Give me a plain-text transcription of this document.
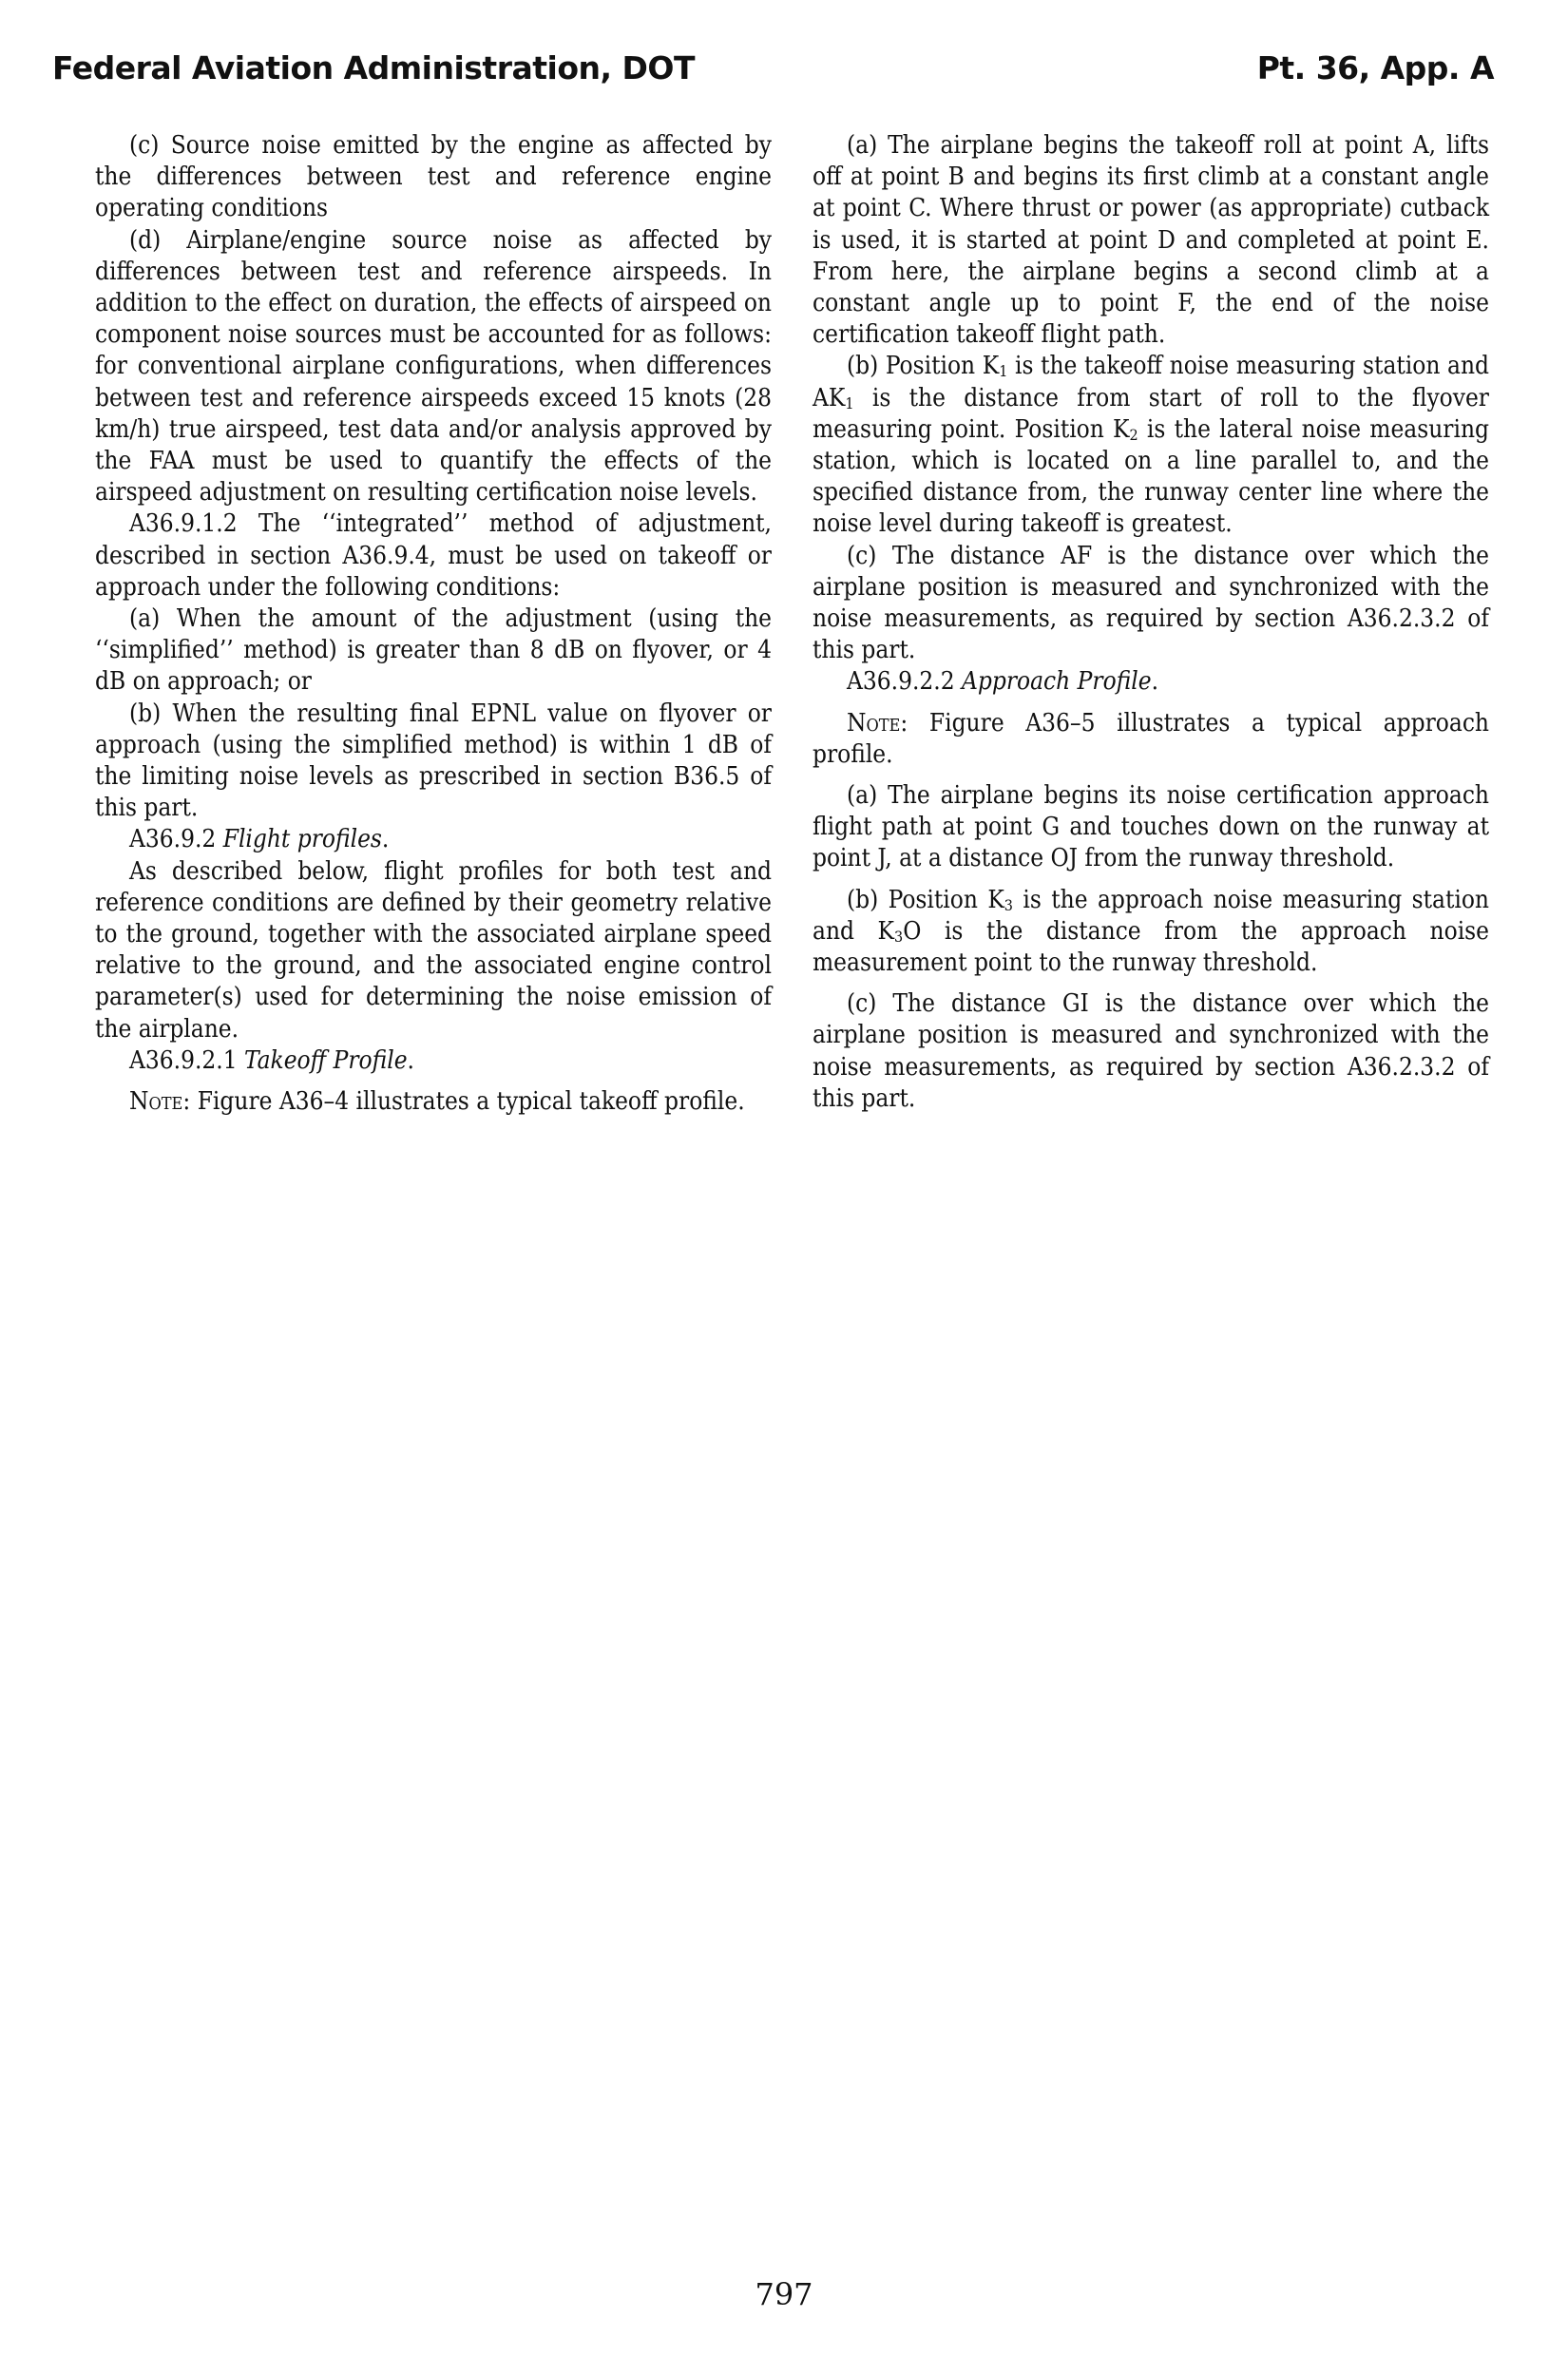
Federal Aviation Administration, DOT	Pt. 36, App. A

(c) Source noise emitted by the engine as affected by the differences between test and reference engine operating conditions

(d) Airplane/engine source noise as affected by differences between test and reference airspeeds. In addition to the effect on duration, the effects of airspeed on component noise sources must be accounted for as follows: for conventional airplane configurations, when differences between test and reference airspeeds exceed 15 knots (28 km/h) true airspeed, test data and/or analysis approved by the FAA must be used to quantify the effects of the airspeed adjustment on resulting certification noise levels.

A36.9.1.2 The ‘‘integrated’’ method of adjustment, described in section A36.9.4, must be used on takeoff or approach under the following conditions:

(a) When the amount of the adjustment (using the ‘‘simplified’’ method) is greater than 8 dB on flyover, or 4 dB on approach; or

(b) When the resulting final EPNL value on flyover or approach (using the simplified method) is within 1 dB of the limiting noise levels as prescribed in section B36.5 of this part.

A36.9.2 Flight profiles.

As described below, flight profiles for both test and reference conditions are defined by their geometry relative to the ground, together with the associated airplane speed relative to the ground, and the associated engine control parameter(s) used for determining the noise emission of the airplane.

A36.9.2.1 Takeoff Profile.

Note: Figure A36–4 illustrates a typical takeoff profile.

(a) The airplane begins the takeoff roll at point A, lifts off at point B and begins its first climb at a constant angle at point C. Where thrust or power (as appropriate) cutback is used, it is started at point D and completed at point E. From here, the airplane begins a second climb at a constant angle up to point F, the end of the noise certification takeoff flight path.

(b) Position $K_1$ is the takeoff noise measuring station and $AK_1$ is the distance from start of roll to the flyover measuring point. Position $K_2$ is the lateral noise measuring station, which is located on a line parallel to, and the specified distance from, the runway center line where the noise level during takeoff is greatest.

(c) The distance AF is the distance over which the airplane position is measured and synchronized with the noise measurements, as required by section A36.2.3.2 of this part.

A36.9.2.2 Approach Profile.

Note: Figure A36–5 illustrates a typical approach profile.

(a) The airplane begins its noise certification approach flight path at point G and touches down on the runway at point J, at a distance OJ from the runway threshold.

(b) Position $K_3$ is the approach noise measuring station and $K_3O$ is the distance from the approach noise measurement point to the runway threshold.

(c) The distance GI is the distance over which the airplane position is measured and synchronized with the noise measurements, as required by section A36.2.3.2 of this part.

797
